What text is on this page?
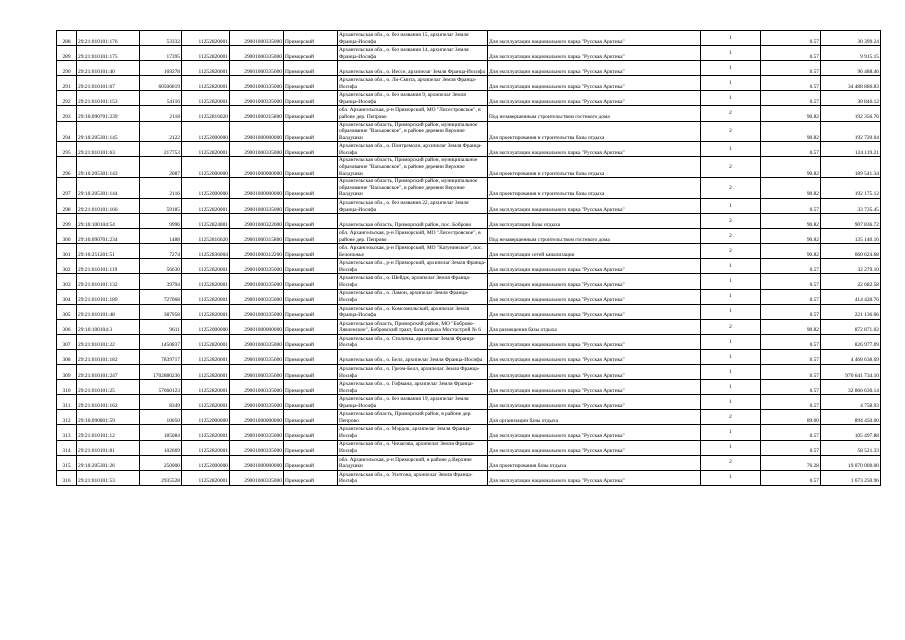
288	29:21:010101:176	53332	11252820001	29001000335000	Приморский	Архангельская обл., о. без названия 15, архипелаг Земля Франца-Иосифа	Для эксплуатации национального парка "Русская Арктика"	1	0.57	30 399.24
289	29:21:010101:175	17395	11252820001	29001000335000	Приморский	Архангельская обл., о. без названия 14, архипелаг Земля Франца-Иосифа	Для эксплуатации национального парка "Русская Арктика"	1	0.57	9 915.15
290	29:21:010101:40	169278	11252820001	29001000335000	Приморский	Архангельская обл., о. Иессе, архипелаг Земля Франца-Иосифа	Для эксплуатации национального парка "Русская Арктика"	1	0.57	96 488.46
291	29:21:010101:67	60506819	11252820001	29001000335000	Приморский	Архангельская обл., о. Ли-Смита, архипелаг Земля Франца-Иосифа	Для эксплуатации национального парка "Русская Арктика"	1	0.57	34 488 886.83
292	29:21:010101:153	54116	11252820001	29001000335000	Приморский	Архангельская обл., о. без названия 9, архипелаг Земля Франца-Иосифа	Для эксплуатации национального парка "Русская Арктика"	1	0.57	30 846.12
293	29:16:090701:239	2118	11252816020	29001000315800	Приморский	обл. Архангельская, р-н Приморский, МО "Лисестровское", в районе дер. Пепрово	Под незавершенным строительством гостевого дома	2	90.82	192 356.76
294	29:16:205301:145	2122	11252000000	29001000000000	Приморский	Архангельская область, Приморский район, муниципальное образование "Васьковское", в районе деревни Верхние Валдушки	Для проектирования и строительства базы отдыха	2	90.82	192 720.04
295	29:21:010101:63	217753	11252820001	29001000335000	Приморский	Архангельская обл., о. Понтремоли, архипелаг Земля Франца-Иосифа	Для эксплуатации национального парка "Русская Арктика"	1	0.57	124 119.21
296	29:16:205301:143	2087	11252000000	29001000000000	Приморский	Архангельская область, Приморский район, муниципальное образование "Васьковское", в районе деревни Верхние Валдушки	Для проектирования и строительства базы отдыха	2	90.82	189 541.34
297	29:16:205301:144	2116	11252000000	29001000000000	Приморский	Архангельская область, Приморский район, муниципальное образование "Васьковское", в районе деревни Верхние Валдушки	Для проектирования и строительства базы отдыха	2	90.82	192 175.12
298	29:21:010101:166	59185	11252820001	29001000335000	Приморский	Архангельская обл., о. без названия 22, архипелаг Земля Франца-Иосифа	Для эксплуатации национального парка "Русская Арктика"	1	0.57	33 735.45
299	29:16:100104:54	9996	11252824001	29001000322000	Приморский	Архангельская область, Приморский район, пос. Боброво	Для эксплуатации базы отдыха	2	90.82	907 836.72
300	29:16:090701:234	1488	11252816020	29001000315800	Приморский	обл. Архангельская, р-н Приморский, МО "Лисестровское", в районе дер. Пепрово	Под незавершенным строительством гостевого дома	2	90.82	135 140.16
301	29:16:251201:51	7274	11252836004	29001000312200	Приморский	обл. Архангельская, р-н Приморский, МО "Катунинское", пос. Белоножье	Для эксплуатации сетей канализации	2	90.82	660 624.68
302	29:21:010101:119	56630	11252820001	29001000335000	Приморский	Архангельская обл., р-н Приморский, архипелаг Земля Франца-Иосифа	Для эксплуатации национального парка "Русская Арктика"	1	0.57	32 279.10
303	29:21:010101:132	39794	11252820001	29001000335000	Приморский	Архангельская обл., о. Шейдж, архипелаг Земля Франца-Иосифа	Для эксплуатации национального парка "Русская Арктика"	1	0.57	22 682.58
304	29:21:010101:189	727068	11252820001	29001000335000	Приморский	Архангельская обл., о. Ламон, архипелаг Земля Франца-Иосифа	Для эксплуатации национального парка "Русская Арктика"	1	0.57	414 428.76
305	29:21:010101:48	387958	11252820001	29001000335000	Приморский	Архангельская обл., о. Комсомольский, архипелаг Земля Франца-Иосифа	Для эксплуатации национального парка "Русская Арктика"	1	0.57	221 136.06
306	29:16:100104:3	9611	11252000000	29001000000000	Приморский	Архангельская область, Приморский район, МО "Боброво-Лявленское", Бобровский тракт, база отдыха Мостострой № 6	Для размещения базы отдыха	2	90.82	872 871.02
307	29:21:010101:22	1450837	11252820001	29001000335000	Приморский	Архангельская обл., о. Столичка, архипелаг Земля Франца-Иосифа	Для эксплуатации национального парка "Русская Арктика"	1	0.57	826 977.09
308	29:21:010101:182	7839717	11252820001	29001000335000	Приморский	Архангельская обл., о. Белл, архипелаг Земля Франца-Иосифа	Для эксплуатации национального парка "Русская Арктика"	1	0.57	4 468 638.69
309	29:21:010101:247	1702880236	11252820001	29001000335000	Приморский	Архангельская обл., о. Греэм-Белл, архипелаг Земля Франца-Иосифа	Для эксплуатации национального парка "Русская Арктика"	1	0.57	970 641 734.10
310	29:21:010101:25	57660123	11252820001	29001000335000	Приморский	Архангельская обл., о. Гофмана, архипелаг Земля Франца-Иосифа	Для эксплуатации национального парка "Русская Арктика"	1	0.57	32 866 630.14
311	29:21:010101:162	8349	11252820001	29001000335000	Приморский	Архангельская обл., о. без названия 19, архипелаг Земля Франца-Иосифа	Для эксплуатации национального парка "Русская Арктика"	1	0.57	4 758.93
312	29:16:090801:59	10050	11252000000	29001000000000	Приморский	Архангельская область, Приморский район, в районе дер. Пепрово	Для организации базы отдыха	2	89.00	894 450.00
313	29:21:010101:12	185084	11252820001	29001000335000	Приморский	Архангельская обл., о. Мэрдок, архипелаг Земля Франца-Иосифа	Для эксплуатации национального парка "Русская Арктика"	1	0.57	105 497.88
314	29:21:010101:81	102669	11252820001	29001000335000	Приморский	Архангельская обл., о. Чичагова, архипелаг Земля Франца-Иосифа	Для эксплуатации национального парка "Русская Арктика"	1	0.57	58 521.33
315	29:16:205301:26	250000	11252000000	29001000000000	Приморский	обл. Архангельская, р-н Приморский, в районе д.Верхние Валдушки	Для проектирования базы отдыха	2	76.28	19 070 000.00
316	29:21:010101:53	2935528	11252820001	29001000335000	Приморский	Архангельская обл., о. Уилтона, архипелаг Земля Франца-Иосифа	Для эксплуатации национального парка "Русская Арктика"	1	0.57	1 673 250.96
